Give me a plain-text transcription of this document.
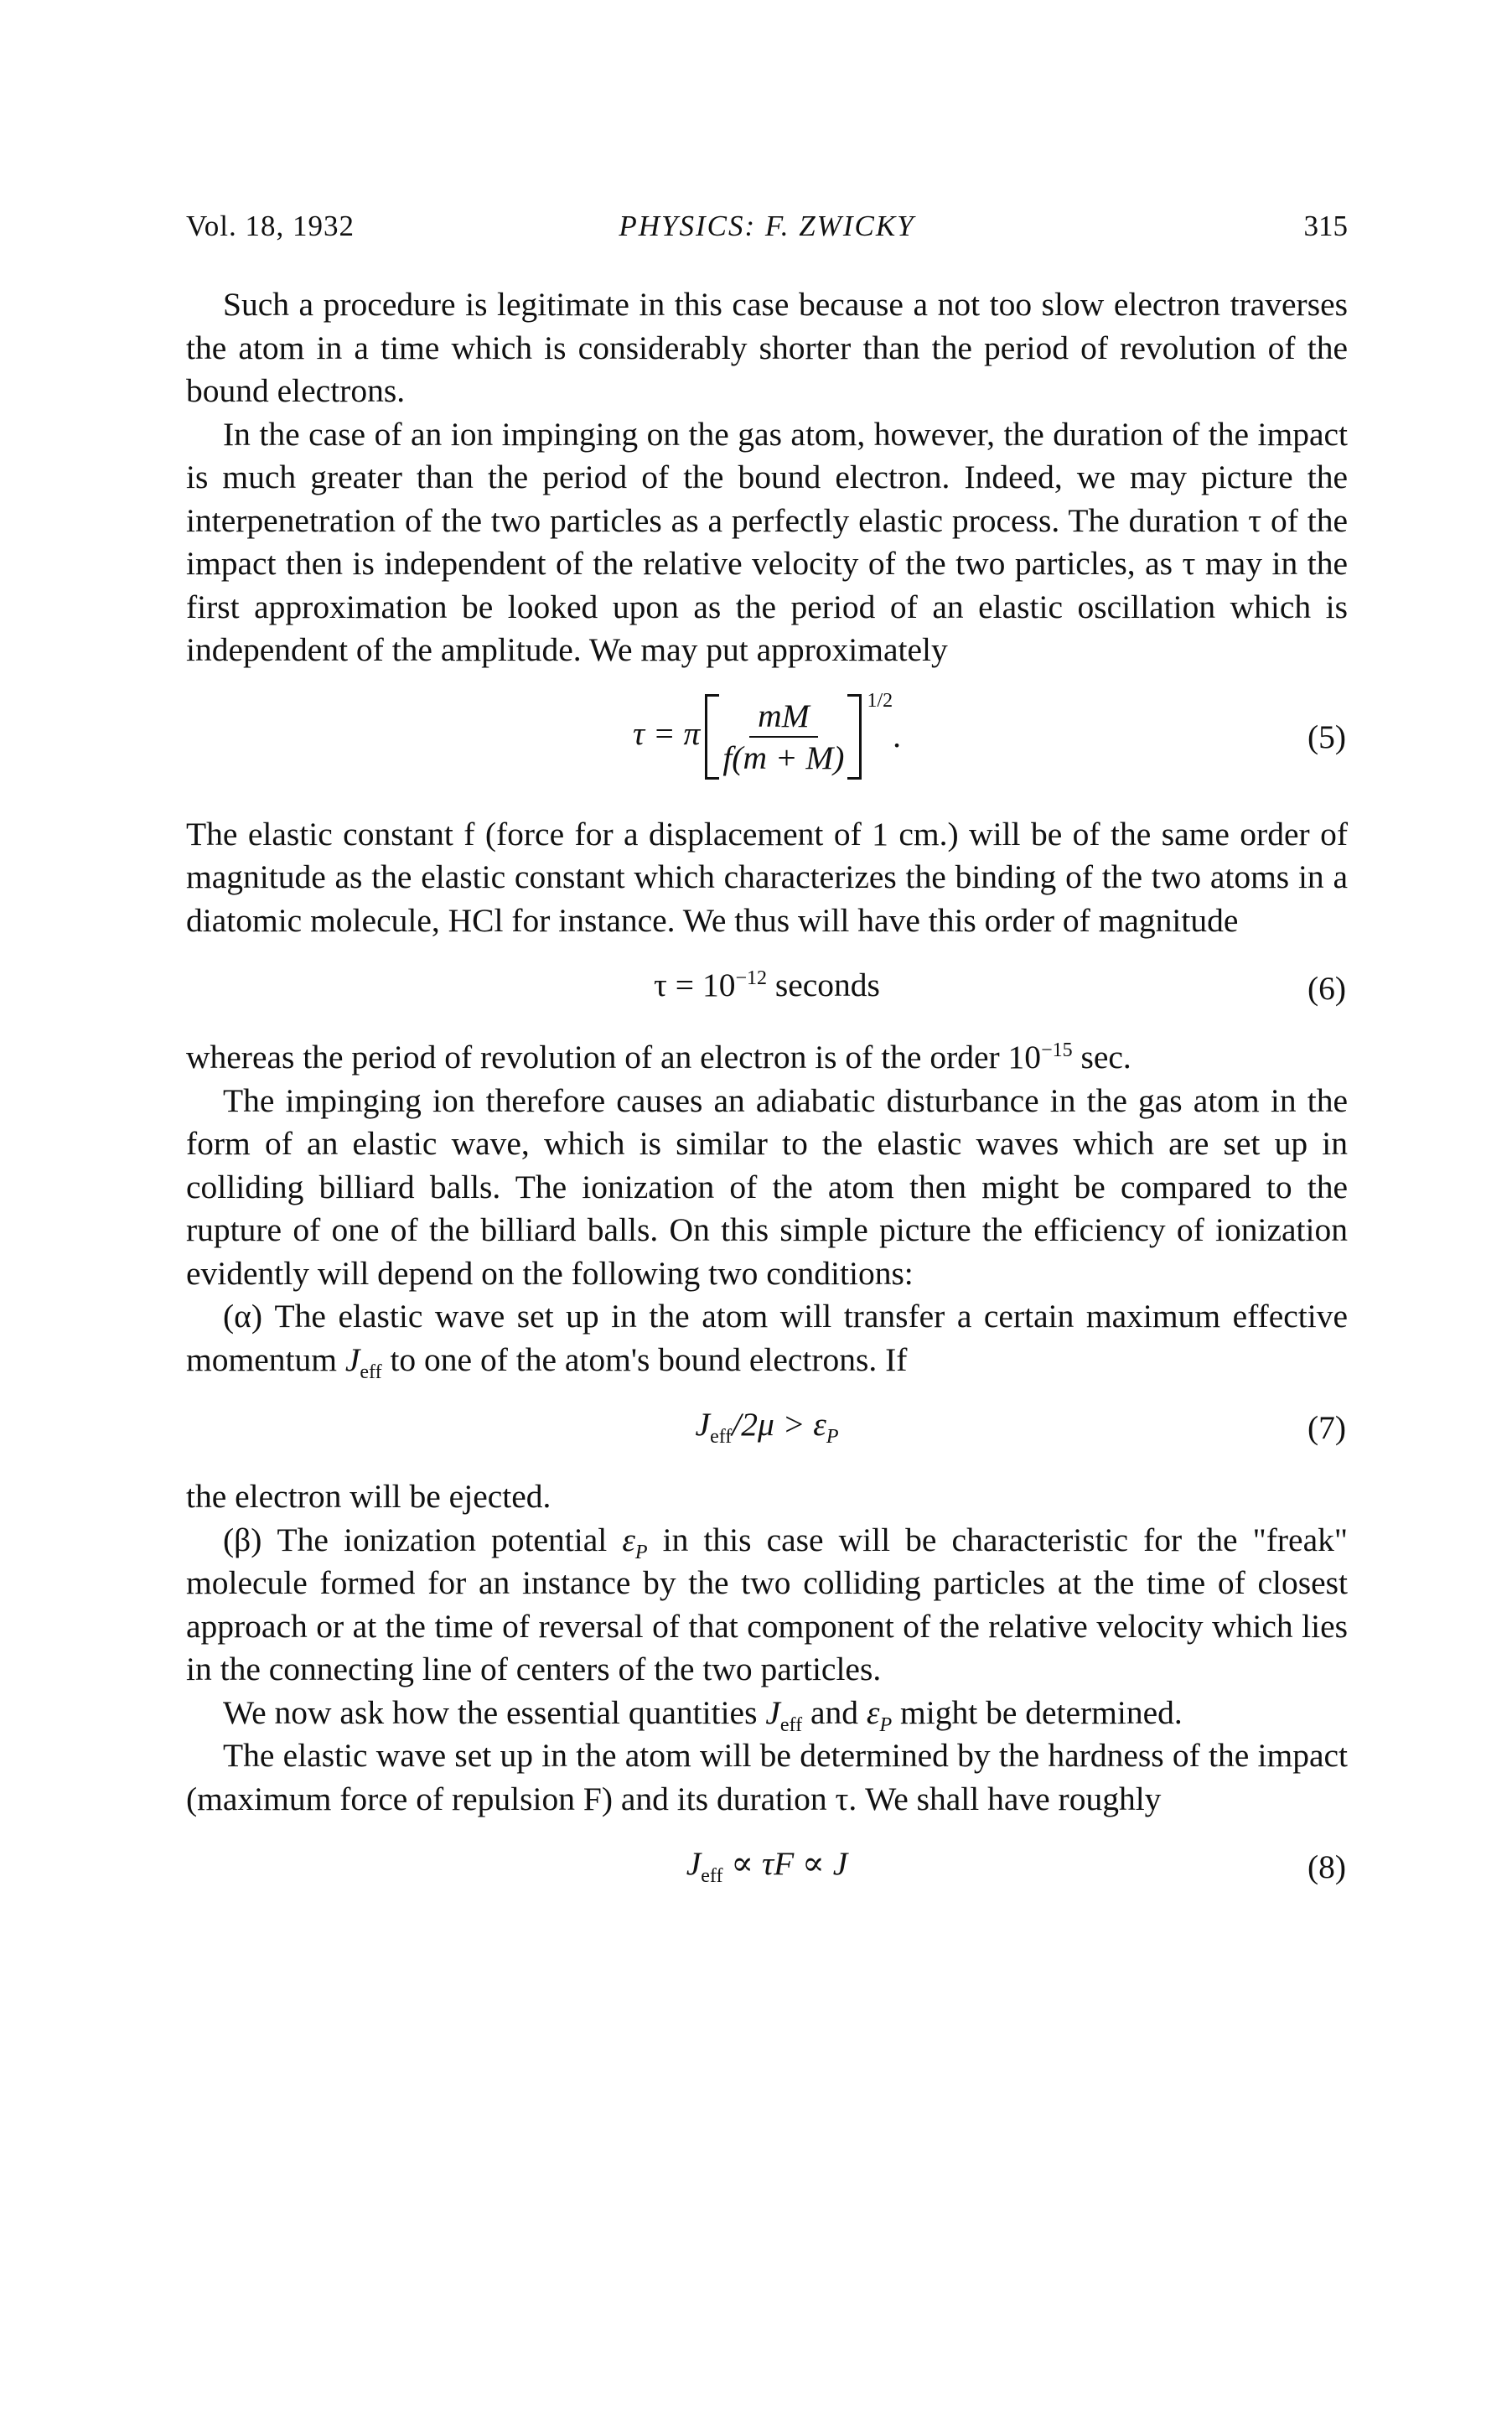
Vol. 18, 1932	PHYSICS: F. ZWICKY	315

Such a procedure is legitimate in this case because a not too slow electron traverses the atom in a time which is considerably shorter than the period of revolution of the bound electrons.

In the case of an ion impinging on the gas atom, however, the duration of the impact is much greater than the period of the bound electron. Indeed, we may picture the interpenetration of the two particles as a perfectly elastic process. The duration τ of the impact then is independent of the relative velocity of the two particles, as τ may in the first approximation be looked upon as the period of an elastic oscillation which is independent of the amplitude. We may put approximately

τ = π $\frac{mM}{f(m + M)} 1/2$
.	(5)

The elastic constant f (force for a displacement of 1 cm.) will be of the same order of magnitude as the elastic constant which characterizes the binding of the two atoms in a diatomic molecule, HCl for instance. We thus will have this order of magnitude

$\tau = 10^{-12}$ seconds	(6)

whereas the period of revolution of an electron is of the order $10^{-15}$ sec.

The impinging ion therefore causes an adiabatic disturbance in the gas atom in the form of an elastic wave, which is similar to the elastic waves which are set up in colliding billiard balls. The ionization of the atom then might be compared to the rupture of one of the billiard balls. On this simple picture the efficiency of ionization evidently will depend on the following two conditions:

(α) The elastic wave set up in the atom will transfer a certain maximum effective momentum $J_{eff}$ to one of the atom's bound electrons. If

$J_{eff}/2\mu > \varepsilon_P$	(7)

the electron will be ejected.

(β) The ionization potential $\varepsilon_P$ in this case will be characteristic for the "freak" molecule formed for an instance by the two colliding particles at the time of closest approach or at the time of reversal of that component of the relative velocity which lies in the connecting line of centers of the two particles.

We now ask how the essential quantities $J_{eff}$ and $\varepsilon_P$ might be determined.

The elastic wave set up in the atom will be determined by the hardness of the impact (maximum force of repulsion F) and its duration τ. We shall have roughly

$J_{eff} \propto \tau F \propto J$	(8)
